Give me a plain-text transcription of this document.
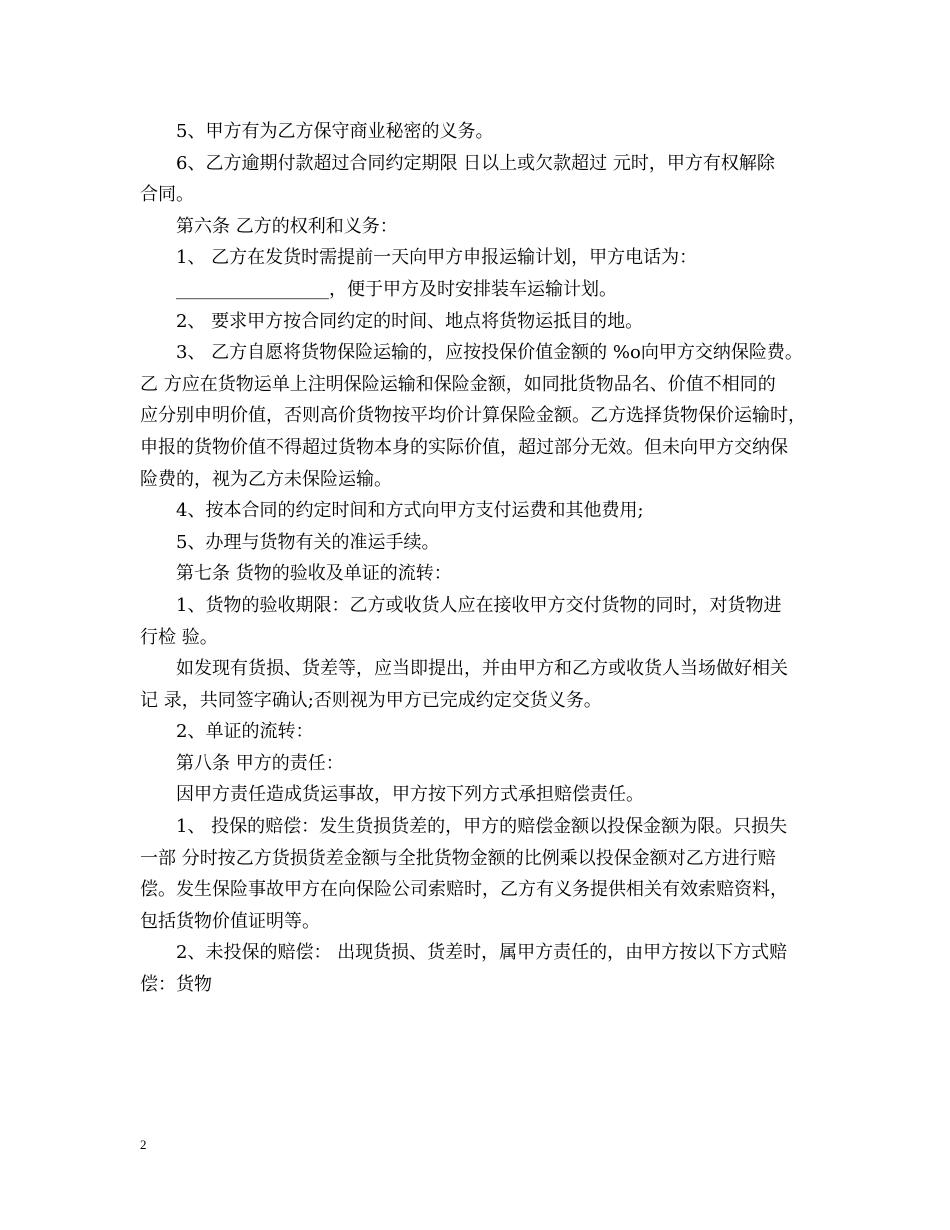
5、甲方有为乙方保守商业秘密的义务。
6、乙方逾期付款超过合同约定期限 日以上或欠款超过 元时，甲方有权解除
合同。
第六条 乙方的权利和义务：
1、 乙方在发货时需提前一天向甲方申报运输计划，甲方电话为：
_________________，便于甲方及时安排装车运输计划。
2、 要求甲方按合同约定的时间、地点将货物运抵目的地。
3、 乙方自愿将货物保险运输的，应按投保价值金额的 %o向甲方交纳保险费。
乙 方应在货物运单上注明保险运输和保险金额，如同批货物品名、价值不相同的
应分别申明价值，否则高价货物按平均价计算保险金额。乙方选择货物保价运输时，
申报的货物价值不得超过货物本身的实际价值，超过部分无效。但未向甲方交纳保
险费的，视为乙方未保险运输。
4、按本合同的约定时间和方式向甲方支付运费和其他费用;
5、办理与货物有关的准运手续。
第七条 货物的验收及单证的流转：
1、货物的验收期限：乙方或收货人应在接收甲方交付货物的同时，对货物进
行检 验。
如发现有货损、货差等，应当即提出，并由甲方和乙方或收货人当场做好相关
记 录，共同签字确认;否则视为甲方已完成约定交货义务。
2、单证的流转：
第八条 甲方的责任：
因甲方责任造成货运事故，甲方按下列方式承担赔偿责任。
1、 投保的赔偿：发生货损货差的，甲方的赔偿金额以投保金额为限。只损失
一部 分时按乙方货损货差金额与全批货物金额的比例乘以投保金额对乙方进行赔
偿。发生保险事故甲方在向保险公司索赔时，乙方有义务提供相关有效索赔资料，
包括货物价值证明等。
2、未投保的赔偿： 出现货损、货差时，属甲方责任的，由甲方按以下方式赔
偿：货物
2
